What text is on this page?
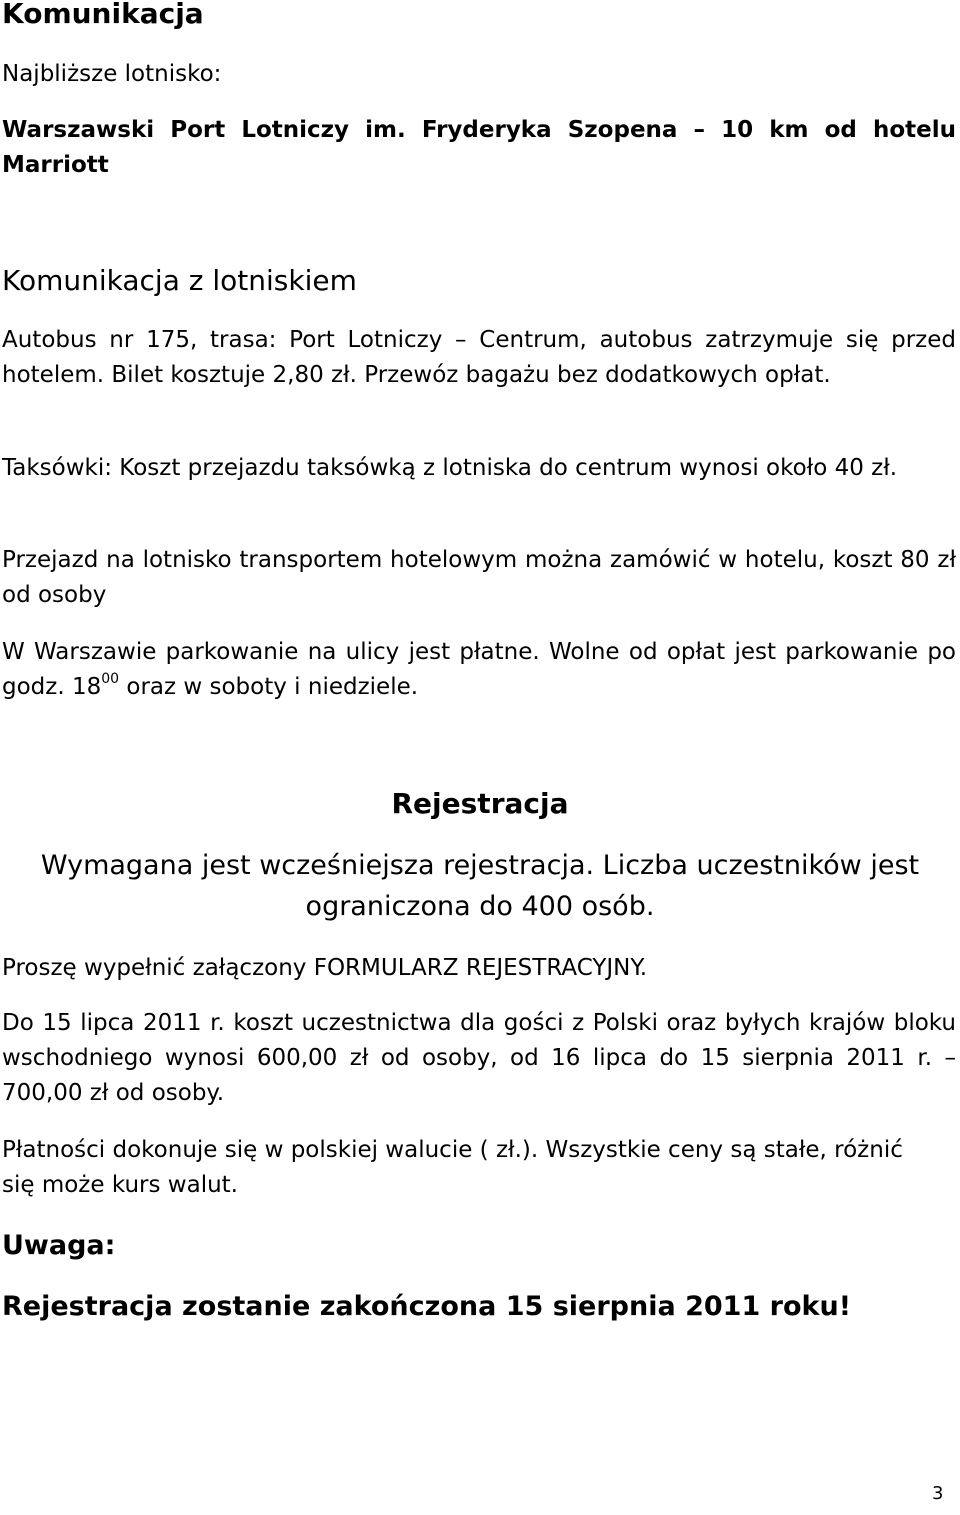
Komunikacja

Najbliższe lotnisko:

Warszawski Port Lotniczy im. Fryderyka Szopena – 10 km od hotelu Marriott

Komunikacja z lotniskiem

Autobus nr 175, trasa: Port Lotniczy – Centrum, autobus zatrzymuje się przed hotelem. Bilet kosztuje 2,80 zł. Przewóz bagażu bez dodatkowych opłat.

Taksówki: Koszt przejazdu taksówką z lotniska do centrum wynosi około 40 zł.

Przejazd na lotnisko transportem hotelowym można zamówić w hotelu, koszt 80 zł od osoby

W Warszawie parkowanie na ulicy jest płatne. Wolne od opłat jest parkowanie po godz. $18^{00}$ oraz w soboty i niedziele.

Rejestracja

Wymagana jest wcześniejsza rejestracja. Liczba uczestników jest ograniczona do 400 osób.

Proszę wypełnić załączony FORMULARZ REJESTRACYJNY.

Do 15 lipca 2011 r. koszt uczestnictwa dla gości z Polski oraz byłych krajów bloku wschodniego wynosi 600,00 zł od osoby, od 16 lipca do 15 sierpnia 2011 r. – 700,00 zł od osoby.

Płatności dokonuje się w polskiej walucie ( zł.). Wszystkie ceny są stałe, różnić się może kurs walut.

Uwaga:

Rejestracja zostanie zakończona 15 sierpnia 2011 roku!

3
